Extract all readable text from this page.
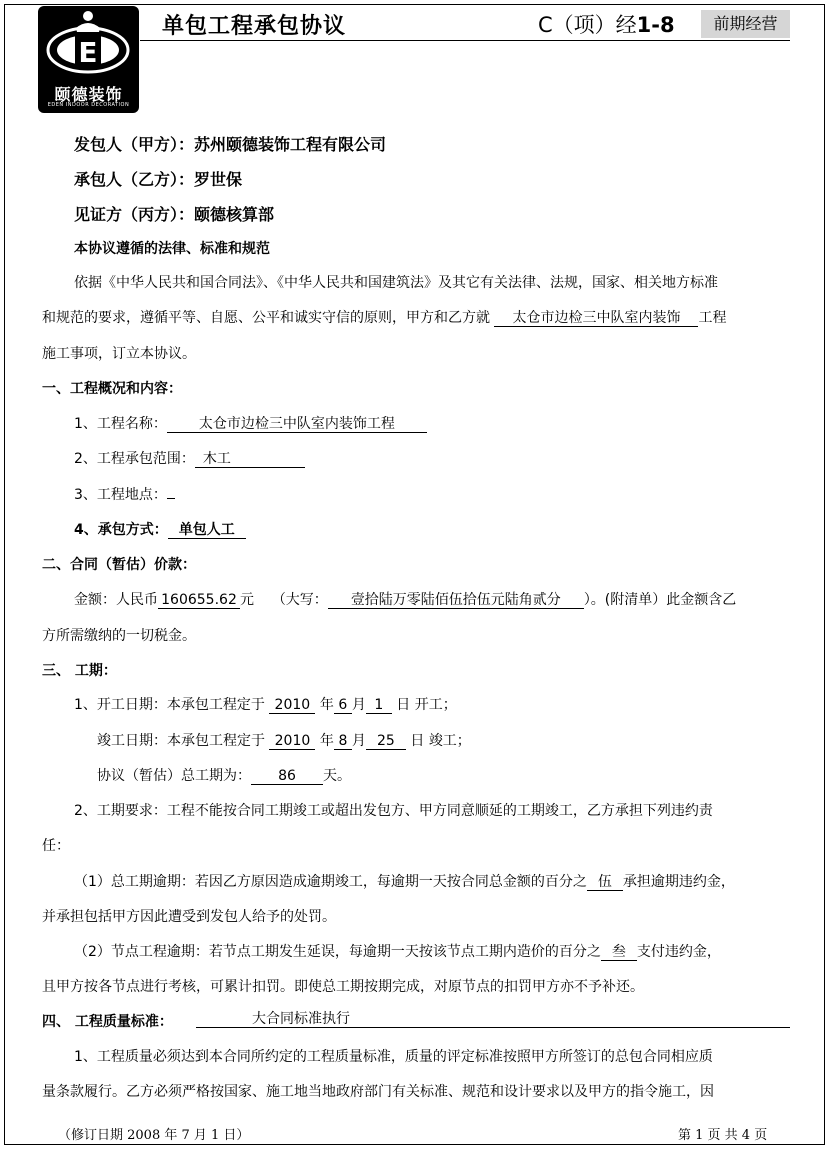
E
颐德装饰
EDEN INDOOR DECORATION
单包工程承包协议	C（项）经1-8	前期经营
发包人（甲方）：苏州颐德装饰工程有限公司
承包人（乙方）：罗世保
见证方（丙方）：颐德核算部
本协议遵循的法律、标准和规范
依据《中华人民共和国合同法》、《中华人民共和国建筑法》及其它有关法律、法规，国家、相关地方标准
和规范的要求，遵循平等、自愿、公平和诚实守信的原则，甲方和乙方就 太仓市边检三中队室内装饰 工程
施工事项，订立本协议。
一、工程概况和内容：
1、工程名称： 太仓市边检三中队室内装饰工程
2、工程承包范围： 木工
3、工程地点：
4、承包方式： 单包人工
二、合同（暂估）价款：
金额：人民币 160655.62 元 （大写： 壹拾陆万零陆佰伍拾伍元陆角贰分 ）。(附清单）此金额含乙
方所需缴纳的一切税金。
三、 工期：
1、开工日期：本承包工程定于 2010 年 6 月 1 日 开工；
竣工日期：本承包工程定于 2010 年 8 月 25 日 竣工；
协议（暂估）总工期为： 86 天。
2、工期要求：工程不能按合同工期竣工或超出发包方、甲方同意顺延的工期竣工，乙方承担下列违约责
任：
（1）总工期逾期：若因乙方原因造成逾期竣工，每逾期一天按合同总金额的百分之 伍 承担逾期违约金，
并承担包括甲方因此遭受到发包人给予的处罚。
（2）节点工程逾期：若节点工期发生延误，每逾期一天按该节点工期内造价的百分之 叁 支付违约金，
且甲方按各节点进行考核，可累计扣罚。即使总工期按期完成，对原节点的扣罚甲方亦不予补还。
四、 工程质量标准：	大合同标准执行
1、工程质量必须达到本合同所约定的工程质量标准，质量的评定标准按照甲方所签订的总包合同相应质
量条款履行。乙方必须严格按国家、施工地当地政府部门有关标准、规范和设计要求以及甲方的指令施工，因
（修订日期 2008 年 7 月 1 日）	第 1 页 共 4 页
